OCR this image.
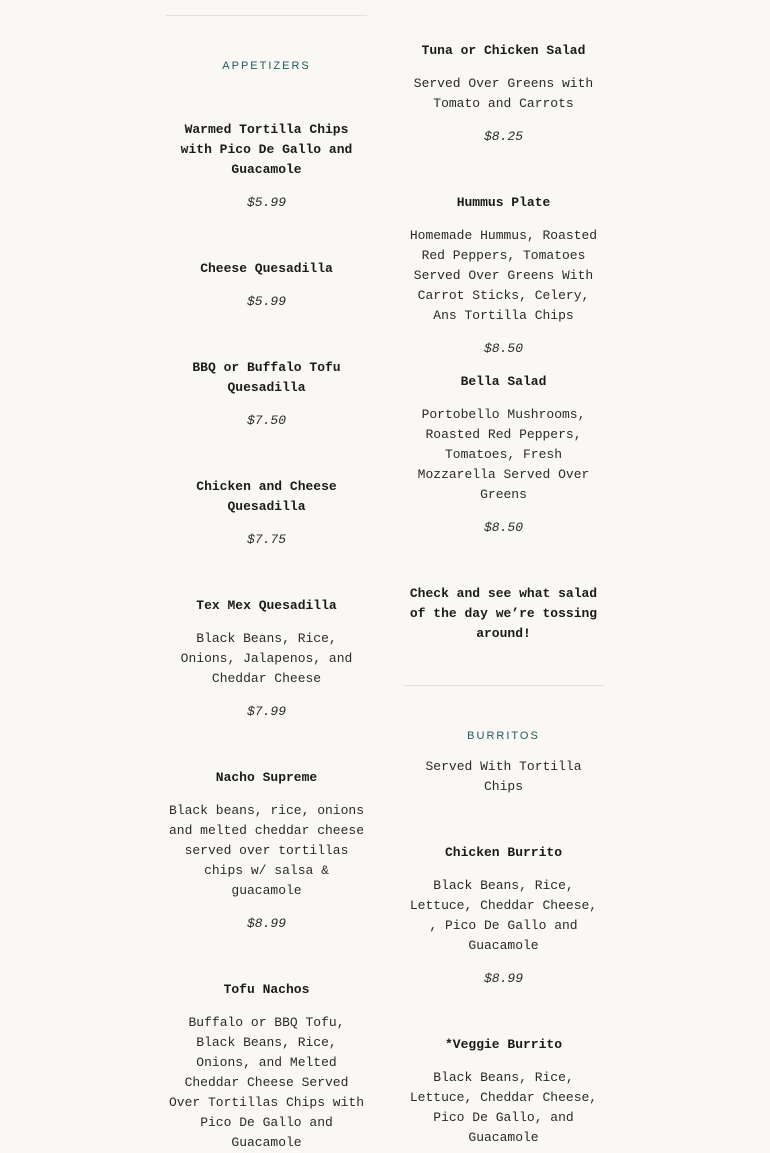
APPETIZERS
Warmed Tortilla Chips with Pico De Gallo and Guacamole
$5.99
Cheese Quesadilla
$5.99
BBQ or Buffalo Tofu Quesadilla
$7.50
Chicken and Cheese Quesadilla
$7.75
Tex Mex Quesadilla
Black Beans, Rice, Onions, Jalapenos, and Cheddar Cheese
$7.99
Nacho Supreme
Black beans, rice, onions and melted cheddar cheese served over tortillas chips w/ salsa & guacamole
$8.99
Tofu Nachos
Buffalo or BBQ Tofu, Black Beans, Rice, Onions, and Melted Cheddar Cheese Served Over Tortillas Chips with Pico De Gallo and Guacamole
Tuna or Chicken Salad
Served Over Greens with Tomato and Carrots
$8.25
Hummus Plate
Homemade Hummus, Roasted Red Peppers, Tomatoes Served Over Greens With Carrot Sticks, Celery, Ans Tortilla Chips
$8.50
Bella Salad
Portobello Mushrooms, Roasted Red Peppers, Tomatoes, Fresh Mozzarella Served Over Greens
$8.50
Check and see what salad of the day we’re tossing around!
BURRITOS
Served With Tortilla Chips
Chicken Burrito
Black Beans, Rice, Lettuce, Cheddar Cheese, , Pico De Gallo and Guacamole
$8.99
*Veggie Burrito
Black Beans, Rice, Lettuce, Cheddar Cheese, Pico De Gallo, and Guacamole
